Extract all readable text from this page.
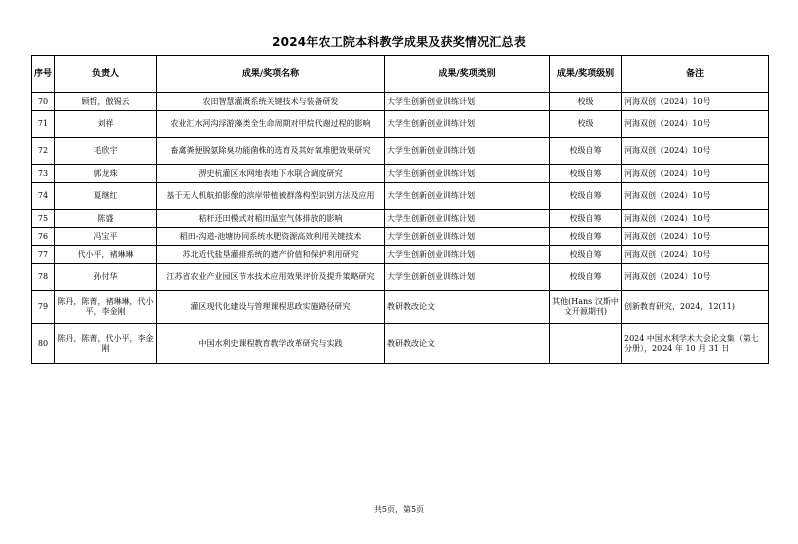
2024年农工院本科教学成果及获奖情况汇总表
序号	负责人	成果/奖项名称	成果/奖项类别	成果/奖项级别	备注
70	顾哲，傲锡云	农田智慧灌溉系统关键技术与装备研发	大学生创新创业训练计划	校级	河海双创（2024）10号
71	刘祥	农业汇水河沟浮游藻类全生命周期对甲烷代谢过程的影响	大学生创新创业训练计划	校级	河海双创（2024）10号
72	毛欣宇	畜禽粪便脱氨除臭功能菌株的选育及其好氧堆肥效果研究	大学生创新创业训练计划	校级自筹	河海双创（2024）10号
73	郭龙珠	淠史杭灌区水网地表地下水联合调度研究	大学生创新创业训练计划	校级自筹	河海双创（2024）10号
74	夏继红	基于无人机航拍影像的滨岸带植被群落构型识别方法及应用	大学生创新创业训练计划	校级自筹	河海双创（2024）10号
75	陈盛	秸秆还田模式对稻田温室气体排放的影响	大学生创新创业训练计划	校级自筹	河海双创（2024）10号
76	冯宝平	稻田-沟道-池塘协同系统水肥资源高效利用关键技术	大学生创新创业训练计划	校级自筹	河海双创（2024）10号
77	代小平，褚琳琳	苏北近代盐垦灌排系统的遗产价值和保护利用研究	大学生创新创业训练计划	校级自筹	河海双创（2024）10号
78	孙付华	江苏省农业产业园区节水技术应用效果评价及提升策略研究	大学生创新创业训练计划	校级自筹	河海双创（2024）10号
79	陈丹，陈菁，褚琳琳，代小平，李金刚	灌区现代化建设与管理课程思政实施路径研究	教研教改论文	其他(Hans 汉斯中文开源期刊)	创新教育研究，2024，12(11)
80	陈丹，陈菁，代小平，李金刚	中国水利史课程教育教学改革研究与实践	教研教改论文		2024 中国水利学术大会论文集（第七分册），2024 年 10 月 31 日
共5页，第5页
